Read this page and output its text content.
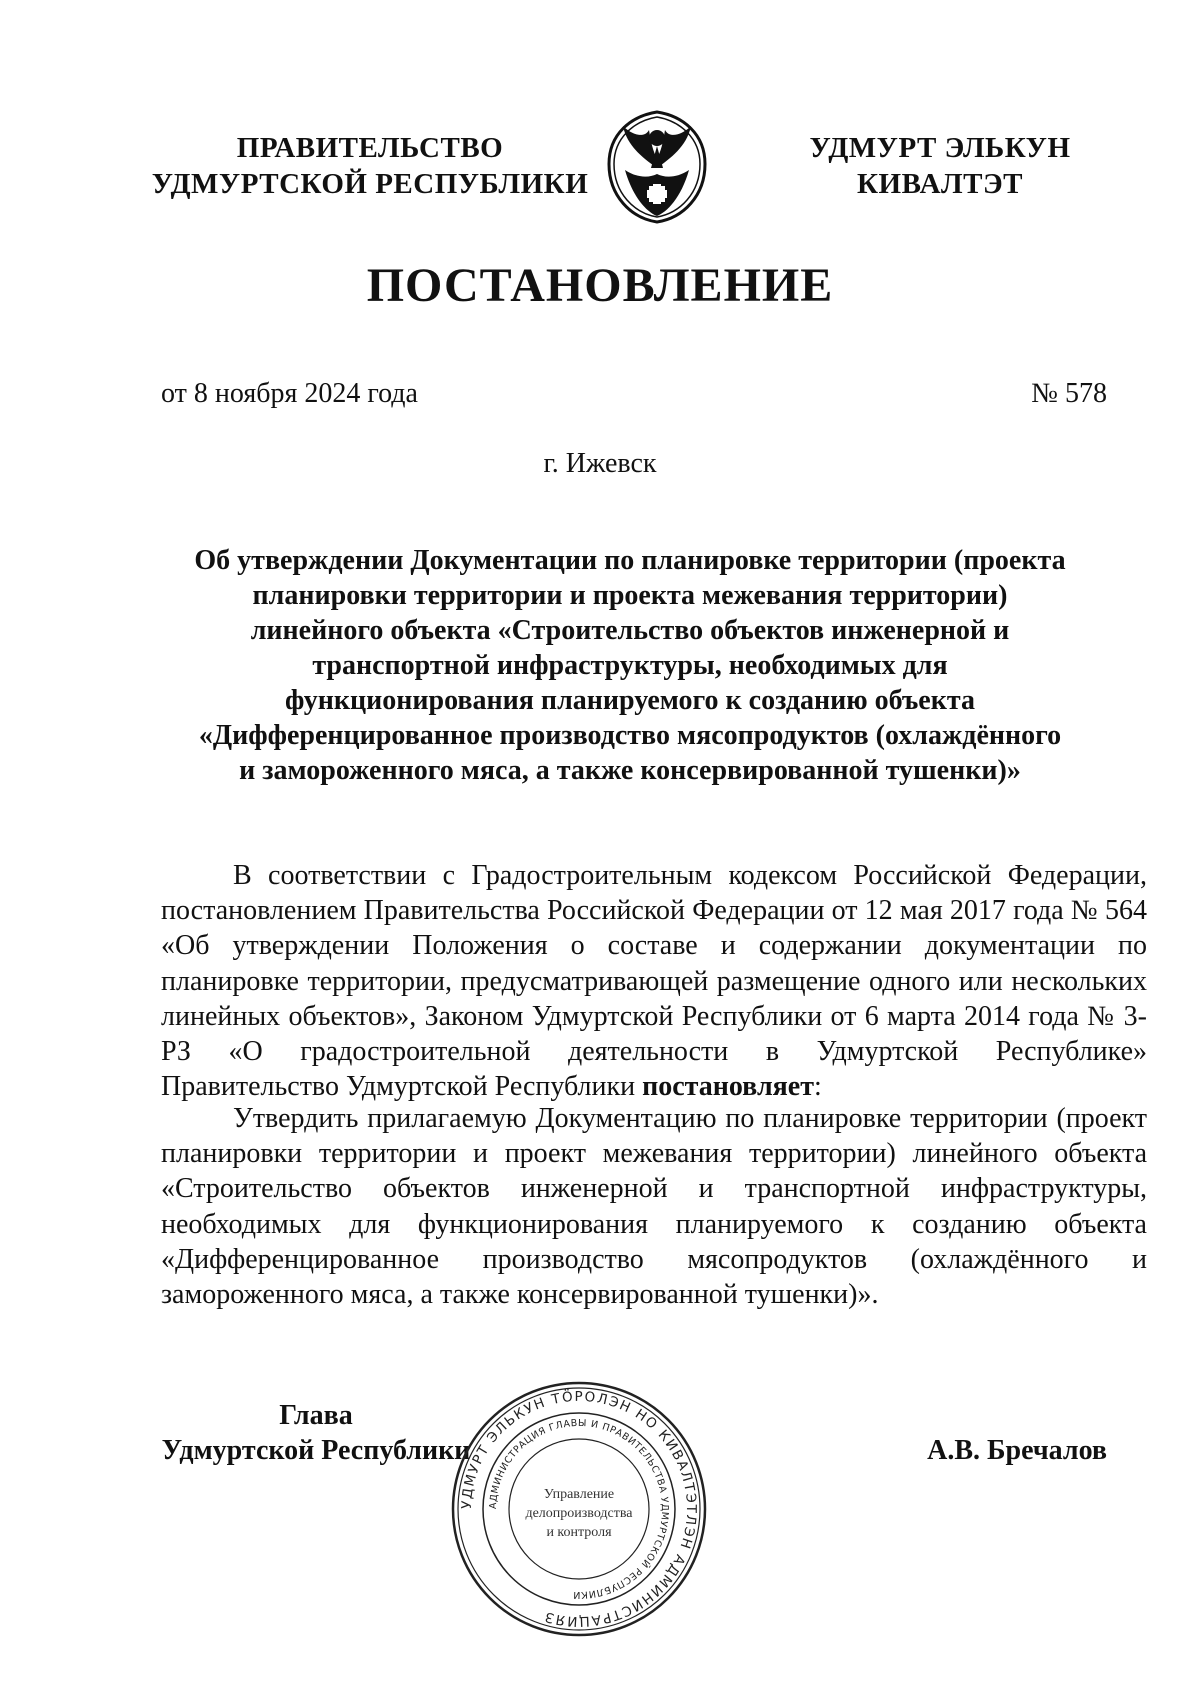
ПРАВИТЕЛЬСТВО
УДМУРТСКОЙ РЕСПУБЛИКИ
УДМУРТ ЭЛЬКУН
КИВАЛТЭТ
ПОСТАНОВЛЕНИЕ
от 8 ноября 2024 года	№ 578
г. Ижевск
Об утверждении Документации по планировке территории (проекта планировки территории и проекта межевания территории) линейного объекта «Строительство объектов инженерной и транспортной инфраструктуры, необходимых для функционирования планируемого к созданию объекта «Дифференцированное производство мясопродуктов (охлаждённого и замороженного мяса, а также консервированной тушенки)»
В соответствии с Градостроительным кодексом Российской Федерации, постановлением Правительства Российской Федерации от 12 мая 2017 года № 564 «Об утверждении Положения о составе и содержании документации по планировке территории, предусматривающей размещение одного или нескольких линейных объектов», Законом Удмуртской Республики от 6 марта 2014 года № 3-РЗ «О градостроительной деятельности в Удмуртской Республике» Правительство Удмуртской Республики постановляет:
Утвердить прилагаемую Документацию по планировке территории (проект планировки территории и проект межевания территории) линейного объекта «Строительство объектов инженерной и транспортной инфраструктуры, необходимых для функционирования планируемого к созданию объекта «Дифференцированное производство мясопродуктов (охлаждённого и замороженного мяса, а также консервированной тушенки)».
Глава
Удмуртской Республики	А.В. Бречалов
УДМУРТ ЭЛЬКУН ТӦРОЛЭН НО КИВАЛТЭТЛЭН АДМИНИСТРАЦИЯЗ
АДМИНИСТРАЦИЯ ГЛАВЫ И ПРАВИТЕЛЬСТВА УДМУРТСКОЙ РЕСПУБЛИКИ
Управление
делопроизводства
и контроля
